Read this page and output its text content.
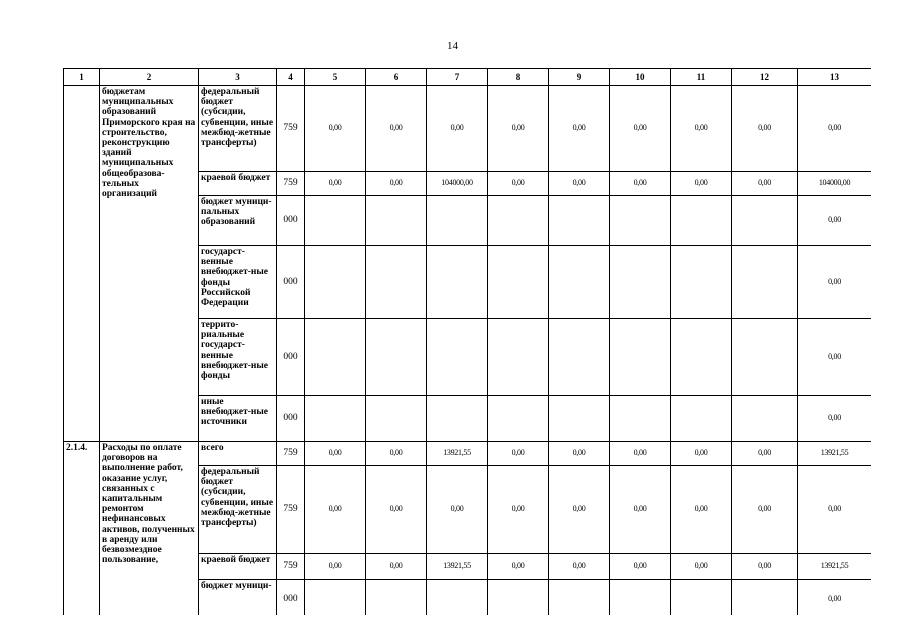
14
1	2	3	4	5	6	7	8	9	10	11	12	13
	бюджетам муниципальных образований Приморского края на строительство, реконструкцию зданий муниципальных общеобразова-тельных организаций	федеральный бюджет (субсидии, субвенции, иные межбюд-жетные трансферты)	759	0,00	0,00	0,00	0,00	0,00	0,00	0,00	0,00	0,00
		краевой бюджет	759	0,00	0,00	104000,00	0,00	0,00	0,00	0,00	0,00	104000,00
		бюджет муници-пальных образований	000									0,00
		государст-венные внебюджет-ные фонды Российской Федерации	000									0,00
		террито-риальные государст-венные внебюджет-ные фонды	000									0,00
		иные внебюджет-ные источники	000									0,00
2.1.4.	Расходы по оплате договоров на выполнение работ, оказание услуг, связанных с капитальным ремонтом нефинансовых активов, полученных в аренду или безвозмездное пользование,	всего	759	0,00	0,00	13921,55	0,00	0,00	0,00	0,00	0,00	13921,55
		федеральный бюджет (субсидии, субвенции, иные межбюд-жетные трансферты)	759	0,00	0,00	0,00	0,00	0,00	0,00	0,00	0,00	0,00
		краевой бюджет	759	0,00	0,00	13921,55	0,00	0,00	0,00	0,00	0,00	13921,55
		бюджет муници-	000									0,00
